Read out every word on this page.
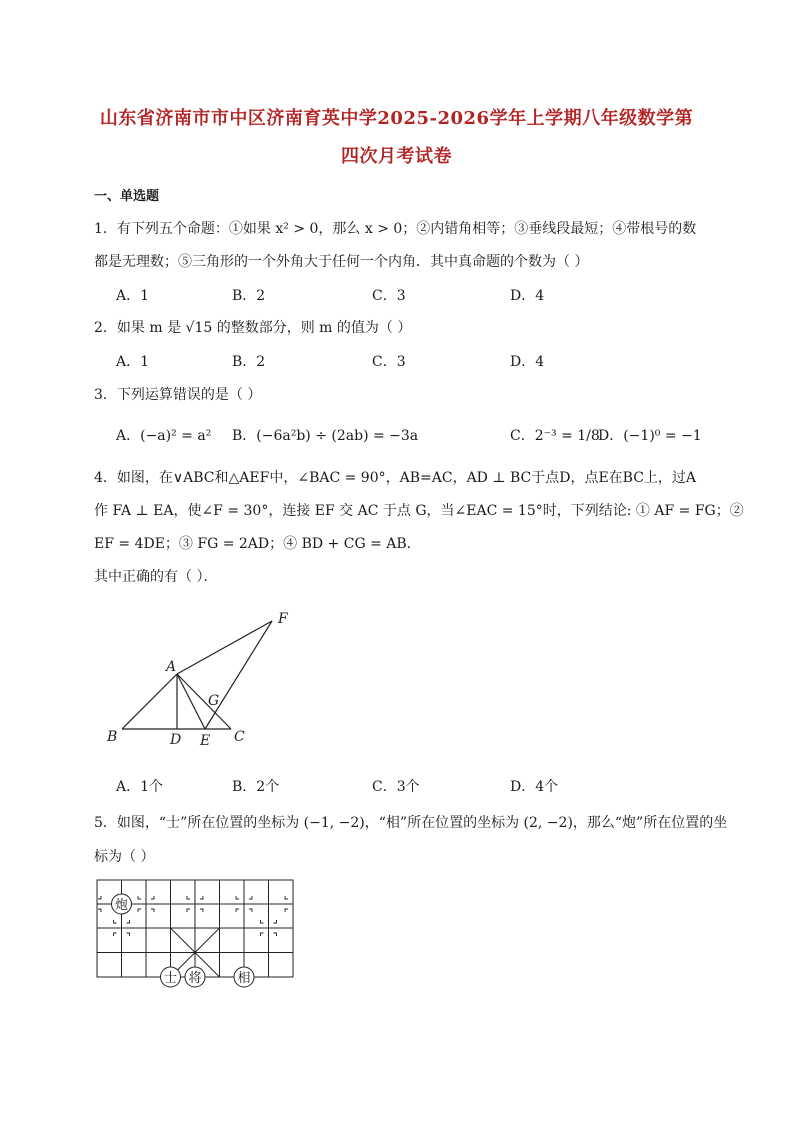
山东省济南市市中区济南育英中学2025-2026学年上学期八年级数学第
四次月考试卷
一、单选题
1．有下列五个命题：①如果 x² > 0，那么 x > 0；②内错角相等；③垂线段最短；④带根号的数
都是无理数；⑤三角形的一个外角大于任何一个内角．其中真命题的个数为（ ）
A．1	B．2	C．3	D．4
2．如果 m 是 √15 的整数部分，则 m 的值为（ ）
A．1	B．2	C．3	D．4
3．下列运算错误的是（ ）
A．(−a)² = a² B．(−6a²b) ÷ (2ab) = −3a	C．2⁻³ = 1/8
D．(−1)⁰ = −1
4．如图，在∨ABC和△AEF中，∠BAC = 90°，AB=AC，AD ⊥ BC于点D，点E在BC上，过A
作 FA ⊥ EA，使∠F = 30°，连接 EF 交 AC 于点 G，当∠EAC = 15°时，下列结论: ① AF = FG；②
EF = 4DE；③ FG = 2AD；④ BD + CG = AB．
其中正确的有（ ）．
F
A
G
B	D E C
A．1个	B．2个	C．3个	D．4个
5．如图，“士”所在位置的坐标为 (−1, −2)，“相”所在位置的坐标为 (2, −2)，那么“炮”所在位置的坐
标为（ ）
炮
士 将	相
